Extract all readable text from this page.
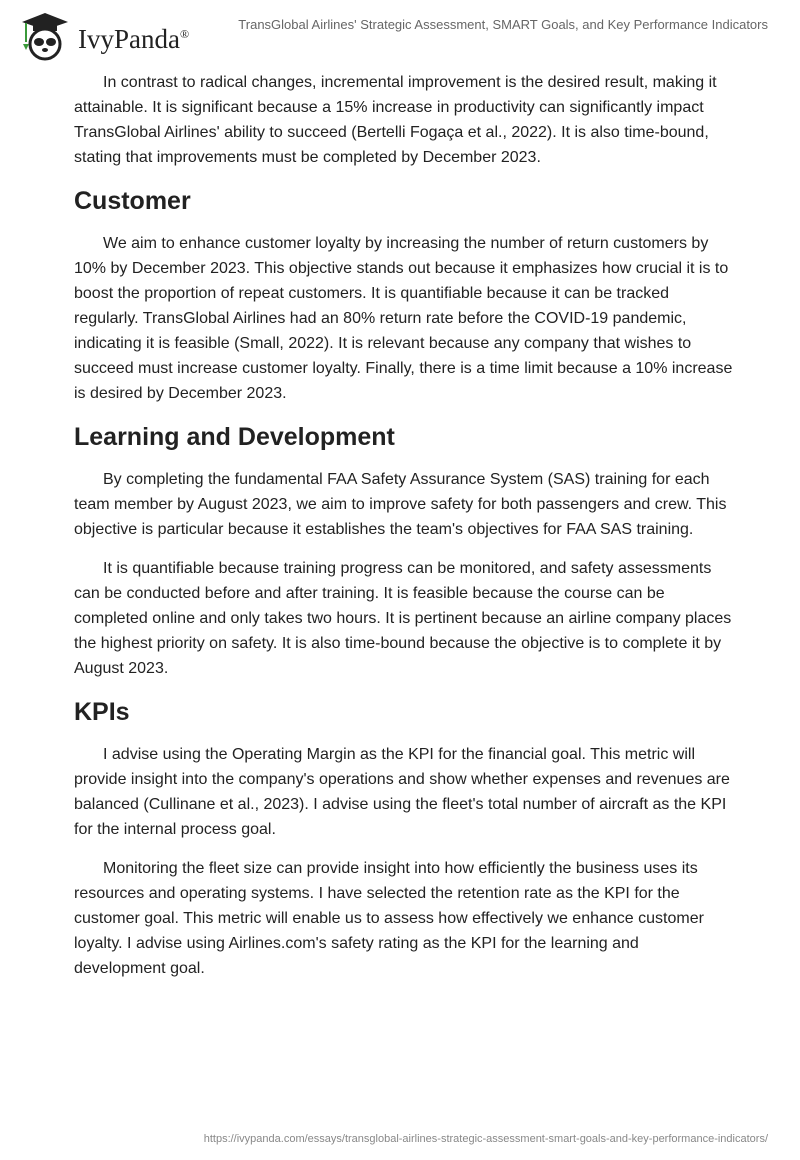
IvyPanda®
TransGlobal Airlines' Strategic Assessment, SMART Goals, and Key Performance Indicators

In contrast to radical changes, incremental improvement is the desired result, making it attainable. It is significant because a 15% increase in productivity can significantly impact TransGlobal Airlines' ability to succeed (Bertelli Fogaça et al., 2022). It is also time-bound, stating that improvements must be completed by December 2023.

Customer

We aim to enhance customer loyalty by increasing the number of return customers by 10% by December 2023. This objective stands out because it emphasizes how crucial it is to boost the proportion of repeat customers. It is quantifiable because it can be tracked regularly. TransGlobal Airlines had an 80% return rate before the COVID-19 pandemic, indicating it is feasible (Small, 2022). It is relevant because any company that wishes to succeed must increase customer loyalty. Finally, there is a time limit because a 10% increase is desired by December 2023.

Learning and Development

By completing the fundamental FAA Safety Assurance System (SAS) training for each team member by August 2023, we aim to improve safety for both passengers and crew. This objective is particular because it establishes the team's objectives for FAA SAS training.

It is quantifiable because training progress can be monitored, and safety assessments can be conducted before and after training. It is feasible because the course can be completed online and only takes two hours. It is pertinent because an airline company places the highest priority on safety. It is also time-bound because the objective is to complete it by August 2023.

KPIs

I advise using the Operating Margin as the KPI for the financial goal. This metric will provide insight into the company's operations and show whether expenses and revenues are balanced (Cullinane et al., 2023). I advise using the fleet's total number of aircraft as the KPI for the internal process goal.

Monitoring the fleet size can provide insight into how efficiently the business uses its resources and operating systems. I have selected the retention rate as the KPI for the customer goal. This metric will enable us to assess how effectively we enhance customer loyalty. I advise using Airlines.com's safety rating as the KPI for the learning and development goal.

https://ivypanda.com/essays/transglobal-airlines-strategic-assessment-smart-goals-and-key-performance-indicators/
